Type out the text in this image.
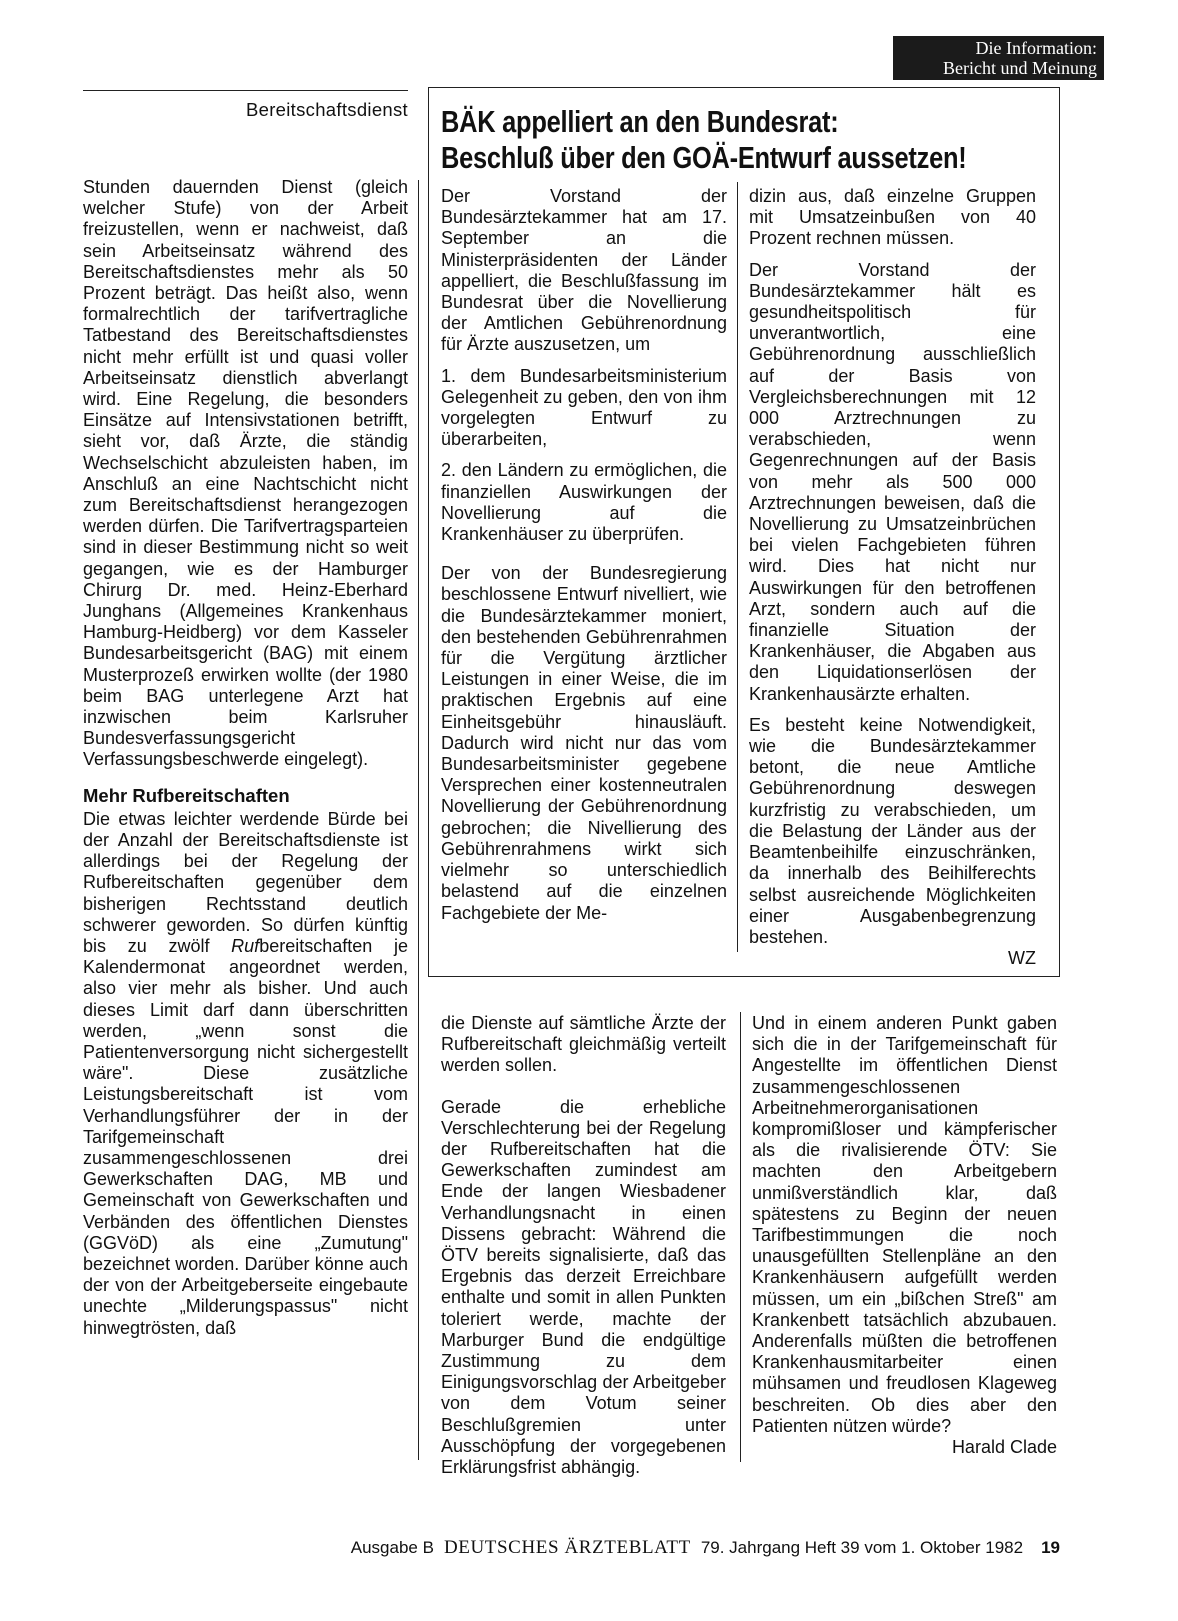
Die Information:
Bericht und Meinung
Bereitschaftsdienst

Stunden dauernden Dienst (gleich welcher Stufe) von der Arbeit freizustellen, wenn er nachweist, daß sein Arbeitseinsatz während des Bereitschaftsdienstes mehr als 50 Prozent beträgt. Das heißt also, wenn formalrechtlich der tarifvertragliche Tatbestand des Bereitschaftsdienstes nicht mehr erfüllt ist und quasi voller Arbeitseinsatz dienstlich abverlangt wird. Eine Regelung, die besonders Einsätze auf Intensivstationen betrifft, sieht vor, daß Ärzte, die ständig Wechselschicht abzuleisten haben, im Anschluß an eine Nachtschicht nicht zum Bereitschaftsdienst herangezogen werden dürfen. Die Tarifvertragsparteien sind in dieser Bestimmung nicht so weit gegangen, wie es der Hamburger Chirurg Dr. med. Heinz-Eberhard Junghans (Allgemeines Krankenhaus Hamburg-Heidberg) vor dem Kasseler Bundesarbeitsgericht (BAG) mit einem Musterprozeß erwirken wollte (der 1980 beim BAG unterlegene Arzt hat inzwischen beim Karlsruher Bundesverfassungsgericht Verfassungsbeschwerde eingelegt).

Mehr Rufbereitschaften

Die etwas leichter werdende Bürde bei der Anzahl der Bereitschaftsdienste ist allerdings bei der Regelung der Rufbereitschaften gegenüber dem bisherigen Rechtsstand deutlich schwerer geworden. So dürfen künftig bis zu zwölf Rufbereitschaften je Kalendermonat angeordnet werden, also vier mehr als bisher. Und auch dieses Limit darf dann überschritten werden, „wenn sonst die Patientenversorgung nicht sichergestellt wäre". Diese zusätzliche Leistungsbereitschaft ist vom Verhandlungsführer der in der Tarifgemeinschaft zusammengeschlossenen drei Gewerkschaften DAG, MB und Gemeinschaft von Gewerkschaften und Verbänden des öffentlichen Dienstes (GGVöD) als eine „Zumutung" bezeichnet worden. Darüber könne auch der von der Arbeitgeberseite eingebaute unechte „Milderungspassus" nicht hinwegtrösten, daß

BÄK appelliert an den Bundesrat:
Beschluß über den GOÄ-Entwurf aussetzen!

Der Vorstand der Bundesärztekammer hat am 17. September an die Ministerpräsidenten der Länder appelliert, die Beschlußfassung im Bundesrat über die Novellierung der Amtlichen Gebührenordnung für Ärzte auszusetzen, um

1. dem Bundesarbeitsministerium Gelegenheit zu geben, den von ihm vorgelegten Entwurf zu überarbeiten,

2. den Ländern zu ermöglichen, die finanziellen Auswirkungen der Novellierung auf die Krankenhäuser zu überprüfen.

Der von der Bundesregierung beschlossene Entwurf nivelliert, wie die Bundesärztekammer moniert, den bestehenden Gebührenrahmen für die Vergütung ärztlicher Leistungen in einer Weise, die im praktischen Ergebnis auf eine Einheitsgebühr hinausläuft. Dadurch wird nicht nur das vom Bundesarbeitsminister gegebene Versprechen einer kostenneutralen Novellierung der Gebührenordnung gebrochen; die Nivellierung des Gebührenrahmens wirkt sich vielmehr so unterschiedlich belastend auf die einzelnen Fachgebiete der Me-

dizin aus, daß einzelne Gruppen mit Umsatzeinbußen von 40 Prozent rechnen müssen.

Der Vorstand der Bundesärztekammer hält es gesundheitspolitisch für unverantwortlich, eine Gebührenordnung ausschließlich auf der Basis von Vergleichsberechnungen mit 12 000 Arztrechnungen zu verabschieden, wenn Gegenrechnungen auf der Basis von mehr als 500 000 Arztrechnungen beweisen, daß die Novellierung zu Umsatzeinbrüchen bei vielen Fachgebieten führen wird. Dies hat nicht nur Auswirkungen für den betroffenen Arzt, sondern auch auf die finanzielle Situation der Krankenhäuser, die Abgaben aus den Liquidationserlösen der Krankenhausärzte erhalten.

Es besteht keine Notwendigkeit, wie die Bundesärztekammer betont, die neue Amtliche Gebührenordnung deswegen kurzfristig zu verabschieden, um die Belastung der Länder aus der Beamtenbeihilfe einzuschränken, da innerhalb des Beihilferechts selbst ausreichende Möglichkeiten einer Ausgabenbegrenzung bestehen.

WZ

die Dienste auf sämtliche Ärzte der Rufbereitschaft gleichmäßig verteilt werden sollen.

Gerade die erhebliche Verschlechterung bei der Regelung der Rufbereitschaften hat die Gewerkschaften zumindest am Ende der langen Wiesbadener Verhandlungsnacht in einen Dissens gebracht: Während die ÖTV bereits signalisierte, daß das Ergebnis das derzeit Erreichbare enthalte und somit in allen Punkten toleriert werde, machte der Marburger Bund die endgültige Zustimmung zu dem Einigungsvorschlag der Arbeitgeber von dem Votum seiner Beschlußgremien unter Ausschöpfung der vorgegebenen Erklärungsfrist abhängig.

Und in einem anderen Punkt gaben sich die in der Tarifgemeinschaft für Angestellte im öffentlichen Dienst zusammengeschlossenen Arbeitnehmerorganisationen kompromißloser und kämpferischer als die rivalisierende ÖTV: Sie machten den Arbeitgebern unmißverständlich klar, daß spätestens zu Beginn der neuen Tarifbestimmungen die noch unausgefüllten Stellenpläne an den Krankenhäusern aufgefüllt werden müssen, um ein „bißchen Streß" am Krankenbett tatsächlich abzubauen. Anderenfalls müßten die betroffenen Krankenhausmitarbeiter einen mühsamen und freudlosen Klageweg beschreiten. Ob dies aber den Patienten nützen würde?

Harald Clade
Ausgabe B DEUTSCHES ÄRZTEBLATT 79. Jahrgang Heft 39 vom 1. Oktober 1982 19
